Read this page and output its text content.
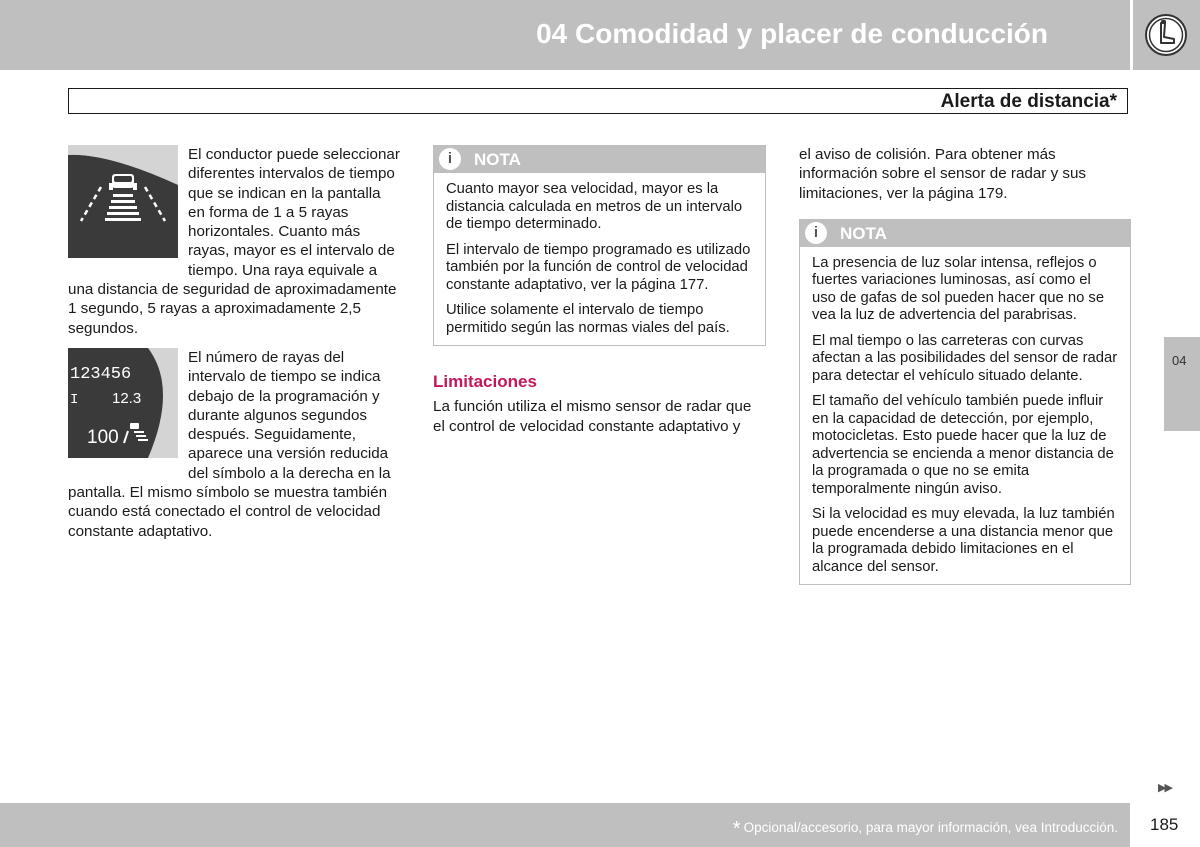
04 Comodidad y placer de conducción
Alerta de distancia*

El conductor puede seleccionar diferentes intervalos de tiempo que se indican en la pantalla en forma de 1 a 5 rayas horizontales. Cuanto más rayas, mayor es el intervalo de tiempo. Una raya equivale a una distancia de seguridad de aproximadamente 1 segundo, 5 rayas a aproximadamente 2,5 segundos.

123456
I 12.3
100

El número de rayas del intervalo de tiempo se indica debajo de la programación y durante algunos segundos después. Seguidamente, aparece una versión reducida del símbolo a la derecha en la pantalla. El mismo símbolo se muestra también cuando está conectado el control de velocidad constante adaptativo.

i	NOTA

Cuanto mayor sea velocidad, mayor es la distancia calculada en metros de un intervalo de tiempo determinado.

El intervalo de tiempo programado es utilizado también por la función de control de velocidad constante adaptativo, ver la página 177.

Utilice solamente el intervalo de tiempo permitido según las normas viales del país.

Limitaciones

La función utiliza el mismo sensor de radar que el control de velocidad constante adaptativo y

el aviso de colisión. Para obtener más información sobre el sensor de radar y sus limitaciones, ver la página 179.

i	NOTA

La presencia de luz solar intensa, reflejos o fuertes variaciones luminosas, así como el uso de gafas de sol pueden hacer que no se vea la luz de advertencia del parabrisas.

El mal tiempo o las carreteras con curvas afectan a las posibilidades del sensor de radar para detectar el vehículo situado delante.

El tamaño del vehículo también puede influir en la capacidad de detección, por ejemplo, motocicletas. Esto puede hacer que la luz de advertencia se encienda a menor distancia de la programada o que no se emita temporalmente ningún aviso.

Si la velocidad es muy elevada, la luz también puede encenderse a una distancia menor que la programada debido limitaciones en el alcance del sensor.

04
▶▶
* Opcional/accesorio, para mayor información, vea Introducción. 185
